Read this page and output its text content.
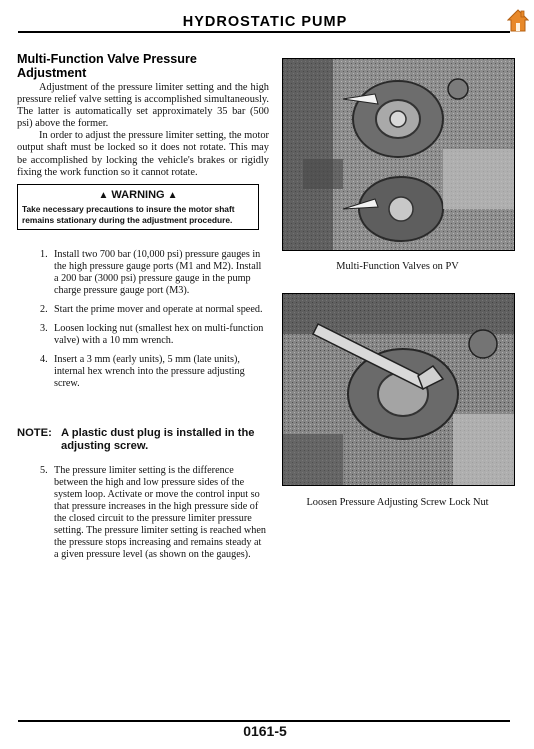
HYDROSTATIC PUMP
Multi-Function Valve Pressure Adjustment

Adjustment of the pressure limiter setting and the high pressure relief valve setting is accomplished simultaneously. The latter is automatically set approximately 35 bar (500 psi) above the former.

In order to adjust the pressure limiter setting, the motor output shaft must be locked so it does not rotate. This may be accomplished by locking the vehicle's brakes or rigidly fixing the work function so it cannot rotate.

▲ WARNING ▲
Take necessary precautions to insure the motor shaft remains stationary during the adjustment procedure.
1. Install two 700 bar (10,000 psi) pressure gauges in the high pressure gauge ports (M1 and M2). Install a 200 bar (3000 psi) pressure gauge in the pump charge pressure gauge port (M3).
2. Start the prime mover and operate at normal speed.
3. Loosen locking nut (smallest hex on multi-function valve) with a 10 mm wrench.
4. Insert a 3 mm (early units), 5 mm (late units), internal hex wrench into the pressure adjusting screw.
NOTE: A plastic dust plug is installed in the adjusting screw.
5. The pressure limiter setting is the difference between the high and low pressure sides of the system loop. Activate or move the control input so that pressure increases in the high pressure side of the closed circuit to the pressure limiter pressure setting. The pressure limiter setting is reached when the pressure stops increasing and remains steady at a given pressure level (as shown on the gauges).
Multi-Function Valves on PV
Loosen Pressure Adjusting Screw Lock Nut
0161-5
